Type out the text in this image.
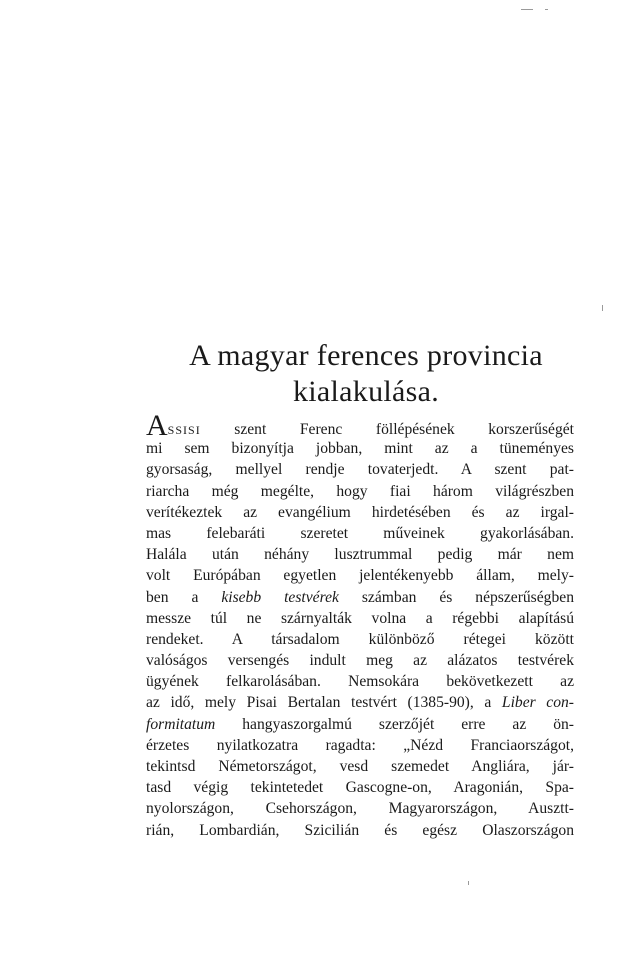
A magyar ferences provincia
kialakulása.
ASSISI szent Ferenc föllépésének korszerűségét
mi sem bizonyítja jobban, mint az a tüneményes
gyorsaság, mellyel rendje tovaterjedt. A szent pat-
riarcha még megélte, hogy fiai három világrészben
verítékeztek az evangélium hirdetésében és az irgal-
mas felebaráti szeretet műveinek gyakorlásában.
Halála után néhány lusztrummal pedig már nem
volt Európában egyetlen jelentékenyebb állam, mely-
ben a kisebb testvérek számban és népszerűségben
messze túl ne szárnyalták volna a régebbi alapítású
rendeket. A társadalom különböző rétegei között
valóságos versengés indult meg az alázatos testvérek
ügyének felkarolásában. Nemsokára bekövetkezett az
az idő, mely Pisai Bertalan testvért (1385-90), a Liber con-
formitatum hangyaszorgalmú szerzőjét erre az ön-
érzetes nyilatkozatra ragadta: „Nézd Franciaországot,
tekintsd Németországot, vesd szemedet Angliára, jár-
tasd végig tekintetedet Gascogne-on, Aragonián, Spa-
nyolországon, Csehországon, Magyarországon, Ausztt-
rián, Lombardián, Szicilián és egész Olaszországon
